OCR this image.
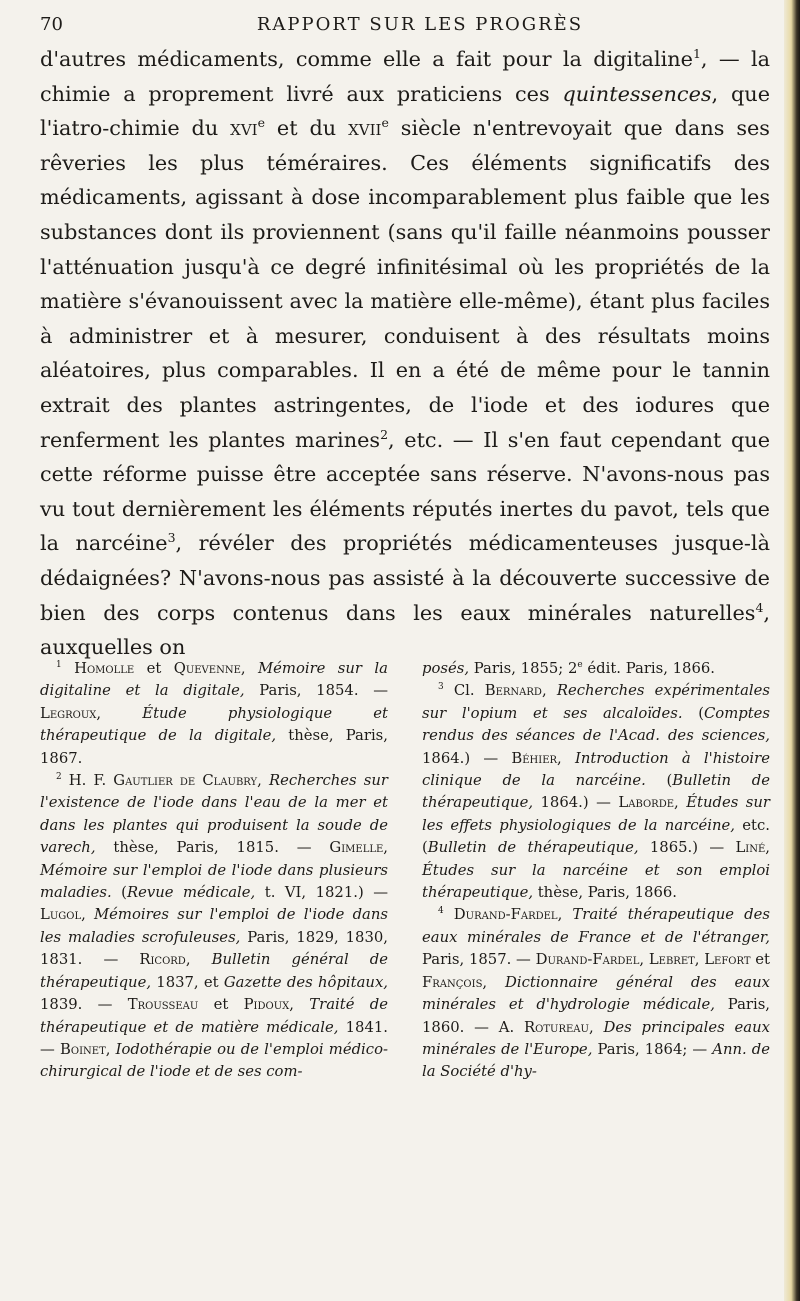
70	RAPPORT SUR LES PROGRÈS

d'autres médicaments, comme elle a fait pour la digitaline$^1$, — la chimie a proprement livré aux praticiens ces quintessences, que l'iatro-chimie du xvi$^e$ et du xvii$^e$ siècle n'entrevoyait que dans ses rêveries les plus téméraires. Ces éléments significatifs des médicaments, agissant à dose incomparablement plus faible que les substances dont ils proviennent (sans qu'il faille néanmoins pousser l'atténuation jusqu'à ce degré infinitésimal où les propriétés de la matière s'évanouissent avec la matière elle-même), étant plus faciles à administrer et à mesurer, conduisent à des résultats moins aléatoires, plus comparables. Il en a été de même pour le tannin extrait des plantes astringentes, de l'iode et des iodures que renferment les plantes marines$^2$, etc. — Il s'en faut cependant que cette réforme puisse être acceptée sans réserve. N'avons-nous pas vu tout dernièrement les éléments réputés inertes du pavot, tels que la narcéine$^3$, révéler des propriétés médicamenteuses jusque-là dédaignées? N'avons-nous pas assisté à la découverte successive de bien des corps contenus dans les eaux minérales naturelles$^4$, auxquelles on

$^1$ Homolle et Quevenne, Mémoire sur la digitaline et la digitale, Paris, 1854. — Legroux, Étude physiologique et thérapeutique de la digitale, thèse, Paris, 1867.

$^2$ H. F. Gautlier de Claubry, Recherches sur l'existence de l'iode dans l'eau de la mer et dans les plantes qui produisent la soude de varech, thèse, Paris, 1815. — Gimelle, Mémoire sur l'emploi de l'iode dans plusieurs maladies. (Revue médicale, t. VI, 1821.) — Lugol, Mémoires sur l'emploi de l'iode dans les maladies scrofuleuses, Paris, 1829, 1830, 1831. — Ricord, Bulletin général de thérapeutique, 1837, et Gazette des hôpitaux, 1839. — Trousseau et Pidoux, Traité de thérapeutique et de matière médicale, 1841. — Boinet, Iodothérapie ou de l'emploi médico-chirurgical de l'iode et de ses com-

posés, Paris, 1855; 2e édit. Paris, 1866.

$^3$ Cl. Bernard, Recherches expérimentales sur l'opium et ses alcaloïdes. (Comptes rendus des séances de l'Acad. des sciences, 1864.) — Béhier, Introduction à l'histoire clinique de la narcéine. (Bulletin de thérapeutique, 1864.) — Laborde, Études sur les effets physiologiques de la narcéine, etc. (Bulletin de thérapeutique, 1865.) — Liné, Études sur la narcéine et son emploi thérapeutique, thèse, Paris, 1866.

$^4$ Durand-Fardel, Traité thérapeutique des eaux minérales de France et de l'étranger, Paris, 1857. — Durand-Fardel, Lebret, Lefort et François, Dictionnaire général des eaux minérales et d'hydrologie médicale, Paris, 1860. — A. Rotureau, Des principales eaux minérales de l'Europe, Paris, 1864; — Ann. de la Société d'hy-
